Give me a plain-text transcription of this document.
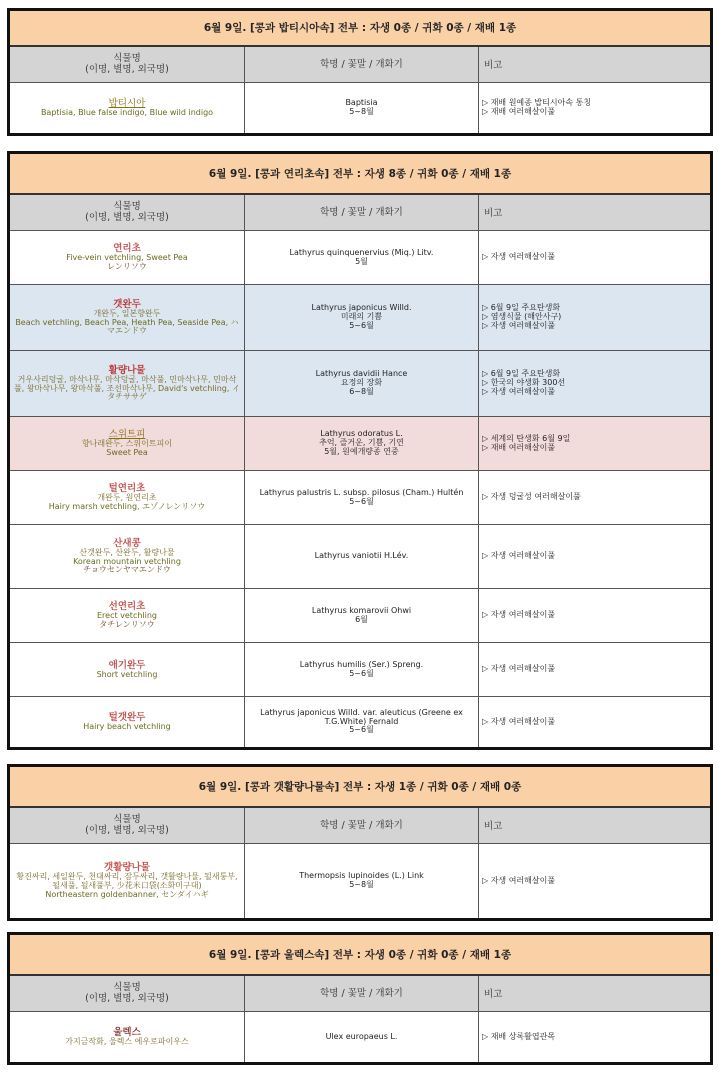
6월 9일. [콩과 밥티시아속] 전부 : 자생 0종 / 귀화 0종 / 재배 1종		

식물명
(이명, 별명, 외국명)	학명 / 꽃말 / 개화기	비고

밥티시아
Baptisia, Blue false indigo, Blue wild indigo	Baptisia
5~8월	▷ 재배 원예종 밥티시아속 통칭
▷ 재배 여러해살이풀
6월 9일. [콩과 연리초속] 전부 : 자생 8종 / 귀화 0종 / 재배 1종		

식물명
(이명, 별명, 외국명)	학명 / 꽃말 / 개화기	비고

연리초
Five-vein vetchling, Sweet Pea
レンリソウ	Lathyrus quinquenervius (Miq.) Litv.
5월	▷ 자생 여러해살이풀

갯완두
개완두, 일본향완두
Beach vetchling, Beach Pea, Heath Pea, Seaside Pea, ハマエンドウ	Lathyrus japonicus Willd.
미래의 기쁨
5~6월	▷ 6월 9일 주요탄생화
▷ 염생식물 (해안사구)
▷ 자생 여러해살이풀

활량나물
거우사리덩굴, 마삭나무, 마삭덩굴, 마삭풀, 민마삭나무, 민마삭풀, 왕마삭나무, 왕마삭풀, 조선마삭나무, David's vetchling, イタチササゲ	Lathyrus davidii Hance
요정의 장화
6~8월	▷ 6월 9일 주요탄생화
▷ 한국의 야생화 300선
▷ 자생 여러해살이풀

스위트피
향나래완두, 스위이트피이
Sweet Pea	Lathyrus odoratus L.
추억, 즐거운, 기쁨, 기연
5월, 원예개량종 연중	▷ 세계의 탄생화 6월 9일
▷ 재배 여러해살이풀

털연리초
개완두, 원연리초
Hairy marsh vetchling, エゾノレンリソウ	Lathyrus palustris L. subsp. pilosus (Cham.) Hultén
5~6월	▷ 자생 덩굴성 여러해살이풀

산새콩
산갯완두, 산완두, 활량나물
Korean mountain vetchling
チョウセンヤマエンドウ	Lathyrus vaniotii H.Lév.	▷ 자생 여러해살이풀

선연리초
Erect vetchling
タチレンリソウ	Lathyrus komarovii Ohwi
6월	▷ 자생 여러해살이풀

애기완두
Short vetchling	Lathyrus humilis (Ser.) Spreng.
5~6월	▷ 자생 여러해살이풀

털갯완두
Hairy beach vetchling	Lathyrus japonicus Willd. var. aleuticus (Greene ex T.G.White) Fernald
5~6월	▷ 자생 여러해살이풀
6월 9일. [콩과 갯활량나물속] 전부 : 자생 1종 / 귀화 0종 / 재배 0종		

식물명
(이명, 별명, 외국명)	학명 / 꽃말 / 개화기	비고

갯활량나물
황진싸리, 세일완두, 천대싸리, 잠두싸리, 갯활량나물, 될새퉁부, 될새풀, 될새풀부, 少花米口袋(소화미구대)
Northeastern goldenbanner, センダイハギ	Thermopsis lupinoides (L.) Link
5~8월	▷ 자생 여러해살이풀
6월 9일. [콩과 울렉스속] 전부 : 자생 0종 / 귀화 0종 / 재배 1종		

식물명
(이명, 별명, 외국명)	학명 / 꽃말 / 개화기	비고

울렉스
가지금작화, 울렉스 에우로파이우스	Ulex europaeus L.	▷ 재배 상록활엽관목
